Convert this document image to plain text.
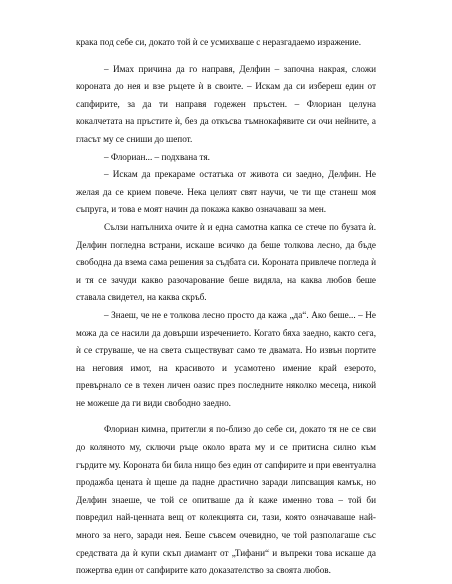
крака под себе си, докато той ѝ се усмихваше с неразгадаемо изражение.

– Имах причина да го направя, Делфин – започна накрая, сложи короната до нея и взе ръцете ѝ в своите. – Искам да си избереш един от сапфирите, за да ти направя годежен пръстен. – Флориан целуна кокалчетата на пръстите ѝ, без да откъсва тъмнокафявите си очи нейните, а гласът му се сниши до шепот.

– Флориан... – подхвана тя.

– Искам да прекараме остатъка от живота си заедно, Делфин. Не желая да се крием повече. Нека целият свят научи, че ти ще станеш моя съпруга, и това е моят начин да покажа какво означаваш за мен.

Сълзи напълниха очите ѝ и една самотна капка се стече по бузата ѝ. Делфин погледна встрани, искаше всичко да беше толкова лесно, да бъде свободна да взема сама решения за съдбата си. Короната привлече погледа ѝ и тя се зачуди какво разочарование беше видяла, на каква любов беше ставала свидетел, на каква скръб.

– Знаеш, че не е толкова лесно просто да кажа „да“. Ако беше... – Не можа да се насили да довърши изречението. Когато бяха заедно, както сега, ѝ се струваше, че на света съществуват само те двамата. Но извън портите на неговия имот, на красивото и усамотено имение край езерото, превърнало се в техен личен оазис през последните няколко месеца, никой не можеше да ги види свободно заедно.

Флориан кимна, притегли я по-близо до себе си, докато тя не се сви до коляното му, сключи ръце около врата му и се притисна силно към гърдите му. Короната би била нищо без един от сапфирите и при евентуална продажба цената ѝ щеше да падне драстично заради липсващия камък, но Делфин знаеше, че той се опитваше да ѝ каже именно това – той би повредил най-ценната вещ от колекцията си, тази, която означаваше най-много за него, заради нея. Беше съвсем очевидно, че той разполагаше със средствата да ѝ купи скъп диамант от „Тифани“ и въпреки това искаше да пожертва един от сапфирите като доказателство за своята любов.
